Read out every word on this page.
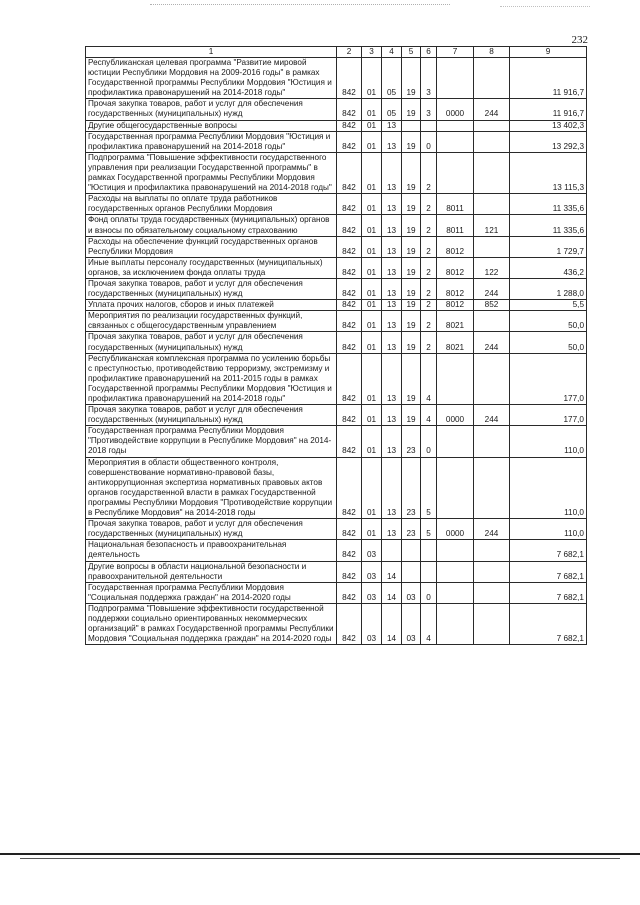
232
1	2	3	4	5	6	7	8	9
Республиканская целевая программа "Развитие мировой юстиции Республики Мордовия на 2009-2016 годы" в рамках Государственной программы Республики Мордовия "Юстиция и профилактика правонарушений на 2014-2018 годы"	842	01	05	19	3			11 916,7
Прочая закупка товаров, работ и услуг для обеспечения государственных (муниципальных) нужд	842	01	05	19	3	0000	244	11 916,7
Другие общегосударственные вопросы	842	01	13					13 402,3
Государственная программа Республики Мордовия "Юстиция и профилактика правонарушений на 2014-2018 годы"	842	01	13	19	0			13 292,3
Подпрограмма "Повышение эффективности государственного управления при реализации Государственной программы" в рамках Государственной программы Республики Мордовия "Юстиция и профилактика правонарушений на 2014-2018 годы"	842	01	13	19	2			13 115,3
Расходы на выплаты по оплате труда работников государственных органов Республики Мордовия	842	01	13	19	2	8011		11 335,6
Фонд оплаты труда государственных (муниципальных) органов и взносы по обязательному социальному страхованию	842	01	13	19	2	8011	121	11 335,6
Расходы на обеспечение функций государственных органов Республики Мордовия	842	01	13	19	2	8012		1 729,7
Иные выплаты персоналу государственных (муниципальных) органов, за исключением фонда оплаты труда	842	01	13	19	2	8012	122	436,2
Прочая закупка товаров, работ и услуг для обеспечения государственных (муниципальных) нужд	842	01	13	19	2	8012	244	1 288,0
Уплата прочих налогов, сборов и иных платежей	842	01	13	19	2	8012	852	5,5
Мероприятия по реализации государственных функций, связанных с общегосударственным управлением	842	01	13	19	2	8021		50,0
Прочая закупка товаров, работ и услуг для обеспечения государственных (муниципальных) нужд	842	01	13	19	2	8021	244	50,0
Республиканская комплексная программа по усилению борьбы с преступностью, противодействию терроризму, экстремизму и профилактике правонарушений на 2011-2015 годы в рамках Государственной программы Республики Мордовия "Юстиция и профилактика правонарушений на 2014-2018 годы"	842	01	13	19	4			177,0
Прочая закупка товаров, работ и услуг для обеспечения государственных (муниципальных) нужд	842	01	13	19	4	0000	244	177,0
Государственная программа Республики Мордовия "Противодействие коррупции в Республике Мордовия" на 2014-2018 годы	842	01	13	23	0			110,0
Мероприятия в области общественного контроля, совершенствование нормативно-правовой базы, антикоррупционная экспертиза нормативных правовых актов органов государственной власти в рамках Государственной программы Республики Мордовия "Противодействие коррупции в Республике Мордовия" на 2014-2018 годы	842	01	13	23	5			110,0
Прочая закупка товаров, работ и услуг для обеспечения государственных (муниципальных) нужд	842	01	13	23	5	0000	244	110,0
Национальная безопасность и правоохранительная деятельность	842	03						7 682,1
Другие вопросы в области национальной безопасности и правоохранительной деятельности	842	03	14					7 682,1
Государственная программа Республики Мордовия "Социальная поддержка граждан" на 2014-2020 годы	842	03	14	03	0			7 682,1
Подпрограмма "Повышение эффективности государственной поддержки социально ориентированных некоммерческих организаций" в рамках Государственной программы Республики Мордовия "Социальная поддержка граждан" на 2014-2020 годы	842	03	14	03	4			7 682,1
